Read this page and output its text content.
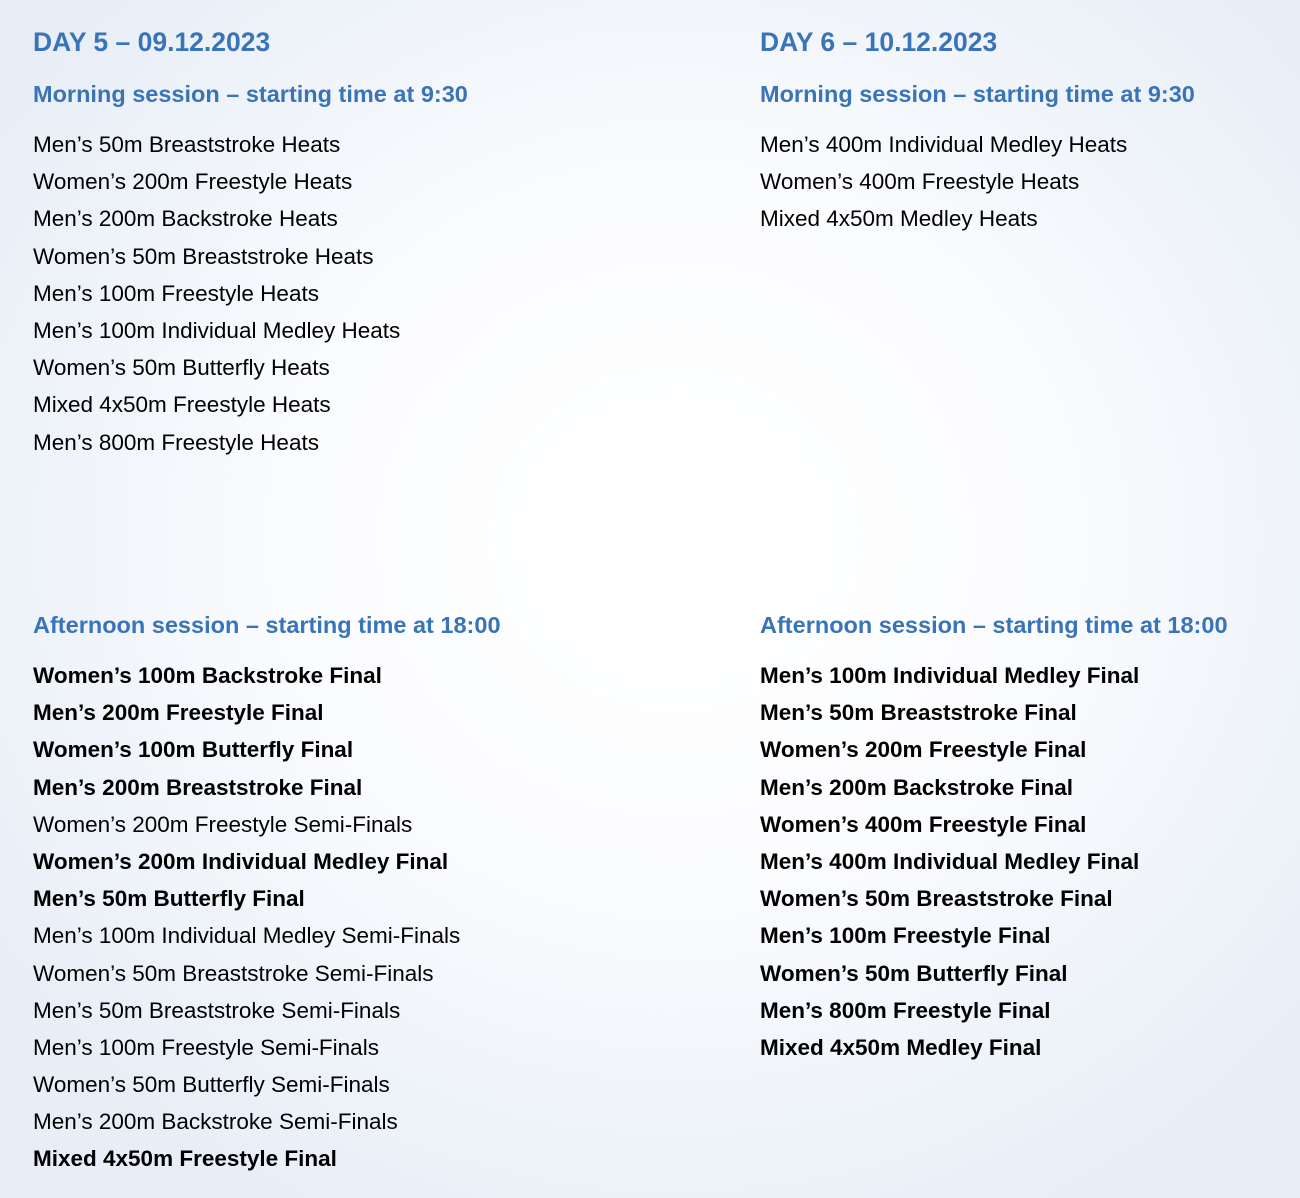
DAY 5 – 09.12.2023
Morning session – starting time at 9:30
Men’s 50m Breaststroke Heats
Women’s 200m Freestyle Heats
Men’s 200m Backstroke Heats
Women’s 50m Breaststroke Heats
Men’s 100m Freestyle Heats
Men’s 100m Individual Medley Heats
Women’s 50m Butterfly Heats
Mixed 4x50m Freestyle Heats
Men’s 800m Freestyle Heats
Afternoon session – starting time at 18:00
Women’s 100m Backstroke Final
Men’s 200m Freestyle Final
Women’s 100m Butterfly Final
Men’s 200m Breaststroke Final
Women’s 200m Freestyle Semi-Finals
Women’s 200m Individual Medley Final
Men’s 50m Butterfly Final
Men’s 100m Individual Medley Semi-Finals
Women’s 50m Breaststroke Semi-Finals
Men’s 50m Breaststroke Semi-Finals
Men’s 100m Freestyle Semi-Finals
Women’s 50m Butterfly Semi-Finals
Men’s 200m Backstroke Semi-Finals
Mixed 4x50m Freestyle Final
DAY 6 – 10.12.2023
Morning session – starting time at 9:30
Men’s 400m Individual Medley Heats
Women’s 400m Freestyle Heats
Mixed 4x50m Medley Heats
Afternoon session – starting time at 18:00
Men’s 100m Individual Medley Final
Men’s 50m Breaststroke Final
Women’s 200m Freestyle Final
Men’s 200m Backstroke Final
Women’s 400m Freestyle Final
Men’s 400m Individual Medley Final
Women’s 50m Breaststroke Final
Men’s 100m Freestyle Final
Women’s 50m Butterfly Final
Men’s 800m Freestyle Final
Mixed 4x50m Medley Final
